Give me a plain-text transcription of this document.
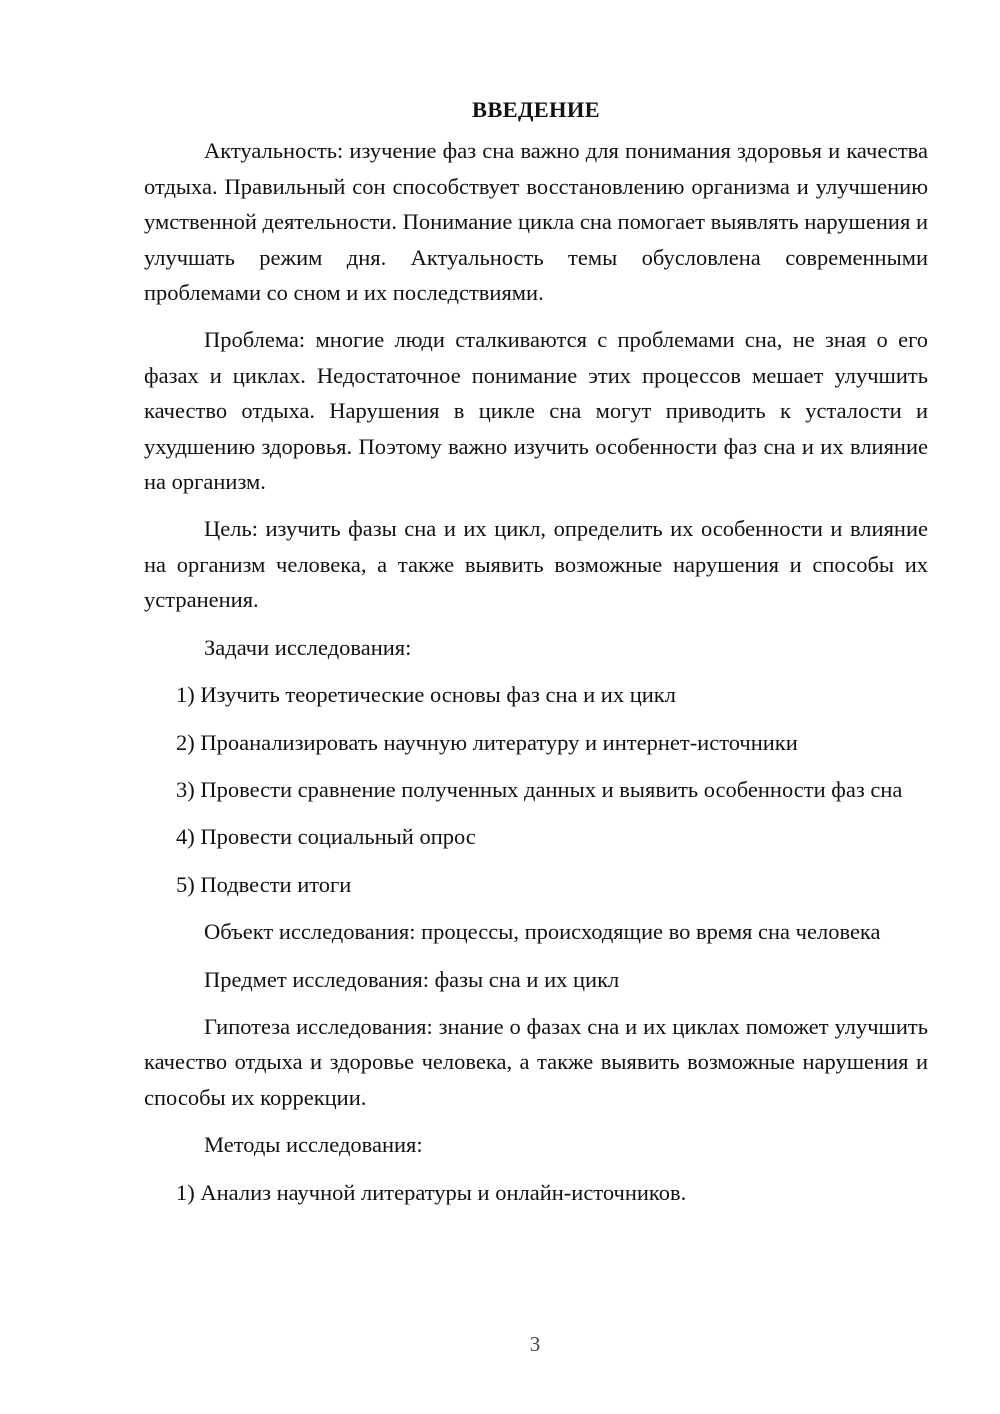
ВВЕДЕНИЕ

Актуальность: изучение фаз сна важно для понимания здоровья и качества отдыха. Правильный сон способствует восстановлению организма и улучшению умственной деятельности. Понимание цикла сна помогает выявлять нарушения и улучшать режим дня. Актуальность темы обусловлена современными проблемами со сном и их последствиями.

Проблема: многие люди сталкиваются с проблемами сна, не зная о его фазах и циклах. Недостаточное понимание этих процессов мешает улучшить качество отдыха. Нарушения в цикле сна могут приводить к усталости и ухудшению здоровья. Поэтому важно изучить особенности фаз сна и их влияние на организм.

Цель: изучить фазы сна и их цикл, определить их особенности и влияние на организм человека, а также выявить возможные нарушения и способы их устранения.

Задачи исследования:

1) Изучить теоретические основы фаз сна и их цикл

2) Проанализировать научную литературу и интернет-источники

3) Провести сравнение полученных данных и выявить особенности фаз сна

4) Провести социальный опрос

5) Подвести итоги

Объект исследования: процессы, происходящие во время сна человека

Предмет исследования: фазы сна и их цикл

Гипотеза исследования: знание о фазах сна и их циклах поможет улучшить качество отдыха и здоровье человека, а также выявить возможные нарушения и способы их коррекции.

Методы исследования:

1) Анализ научной литературы и онлайн-источников.

3
